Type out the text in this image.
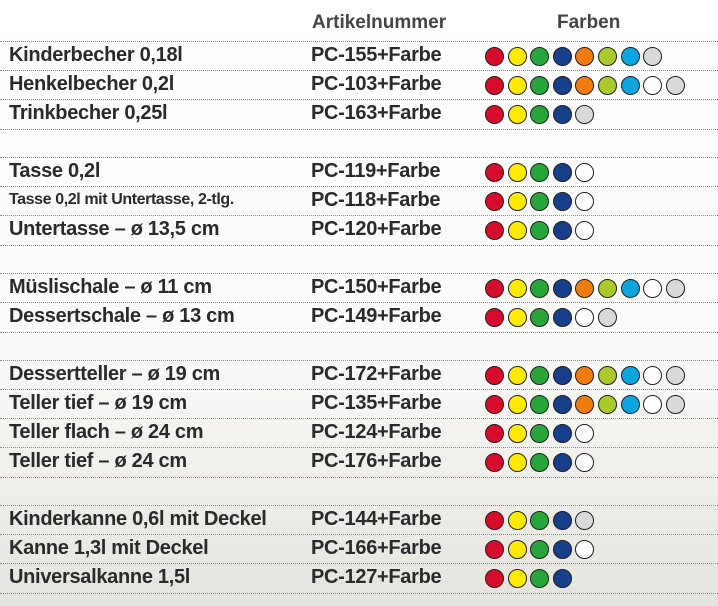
Artikelnummer	Farben
Kinderbecher 0,18l	PC-155+Farbe
Henkelbecher 0,2l	PC-103+Farbe
Trinkbecher 0,25l	PC-163+Farbe
Tasse 0,2l	PC-119+Farbe
Tasse 0,2l mit Untertasse, 2-tlg.	PC-118+Farbe
Untertasse – ø 13,5 cm	PC-120+Farbe
Müslischale – ø 11 cm	PC-150+Farbe
Dessertschale – ø 13 cm	PC-149+Farbe
Dessertteller – ø 19 cm	PC-172+Farbe
Teller tief – ø 19 cm	PC-135+Farbe
Teller flach – ø 24 cm	PC-124+Farbe
Teller tief – ø 24 cm	PC-176+Farbe
Kinderkanne 0,6l mit Deckel PC-144+Farbe
Kanne 1,3l mit Deckel	PC-166+Farbe
Universalkanne 1,5l	PC-127+Farbe
